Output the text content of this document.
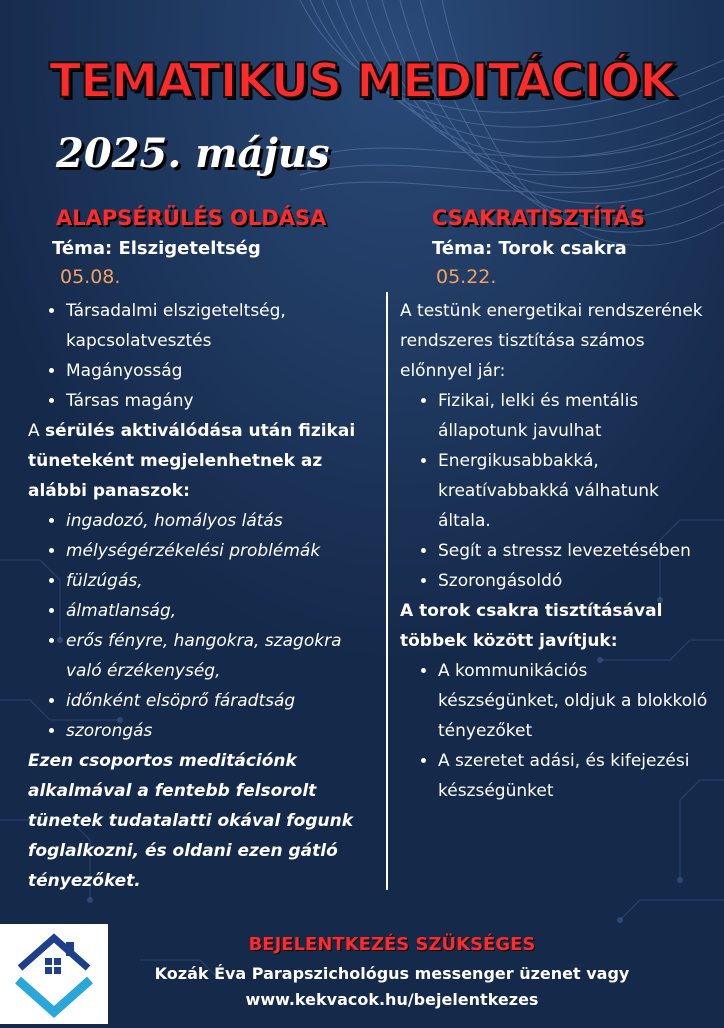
TEMATIKUS MEDITÁCIÓK
2025. május
ALAPSÉRÜLÉS OLDÁSA
Téma: Elszigeteltség
05.08.
CSAKRATISZTÍTÁS
Téma: Torok csakra
05.22.
• Társadalmi elszigeteltség, kapcsolatvesztés
• Magányosság
• Társas magány

A sérülés aktiválódása után fizikai tüneteként megjelenhetnek az alábbi panaszok:

• ingadozó, homályos látás
• mélységérzékelési problémák
• fülzúgás,
• álmatlanság,
• erős fényre, hangokra, szagokra való érzékenység,
• időnként elsöprő fáradtság
• szorongás

Ezen csoportos meditációnk alkalmával a fentebb felsorolt tünetek tudatalatti okával fogunk foglalkozni, és oldani ezen gátló tényezőket.

A testünk energetikai rendszerének rendszeres tisztítása számos előnnyel jár:

• Fizikai, lelki és mentális állapotunk javulhat
• Energikusabbakká, kreatívabbakká válhatunk általa.
• Segít a stressz levezetésében
• Szorongásoldó

A torok csakra tisztításával többek között javítjuk:

• A kommunikációs készségünket, oldjuk a blokkoló tényezőket
• A szeretet adási, és kifejezési készségünket
BEJELENTKEZÉS SZÜKSÉGES
Kozák Éva Parapszichológus messenger üzenet vagy
www.kekvacok.hu/bejelentkezes
